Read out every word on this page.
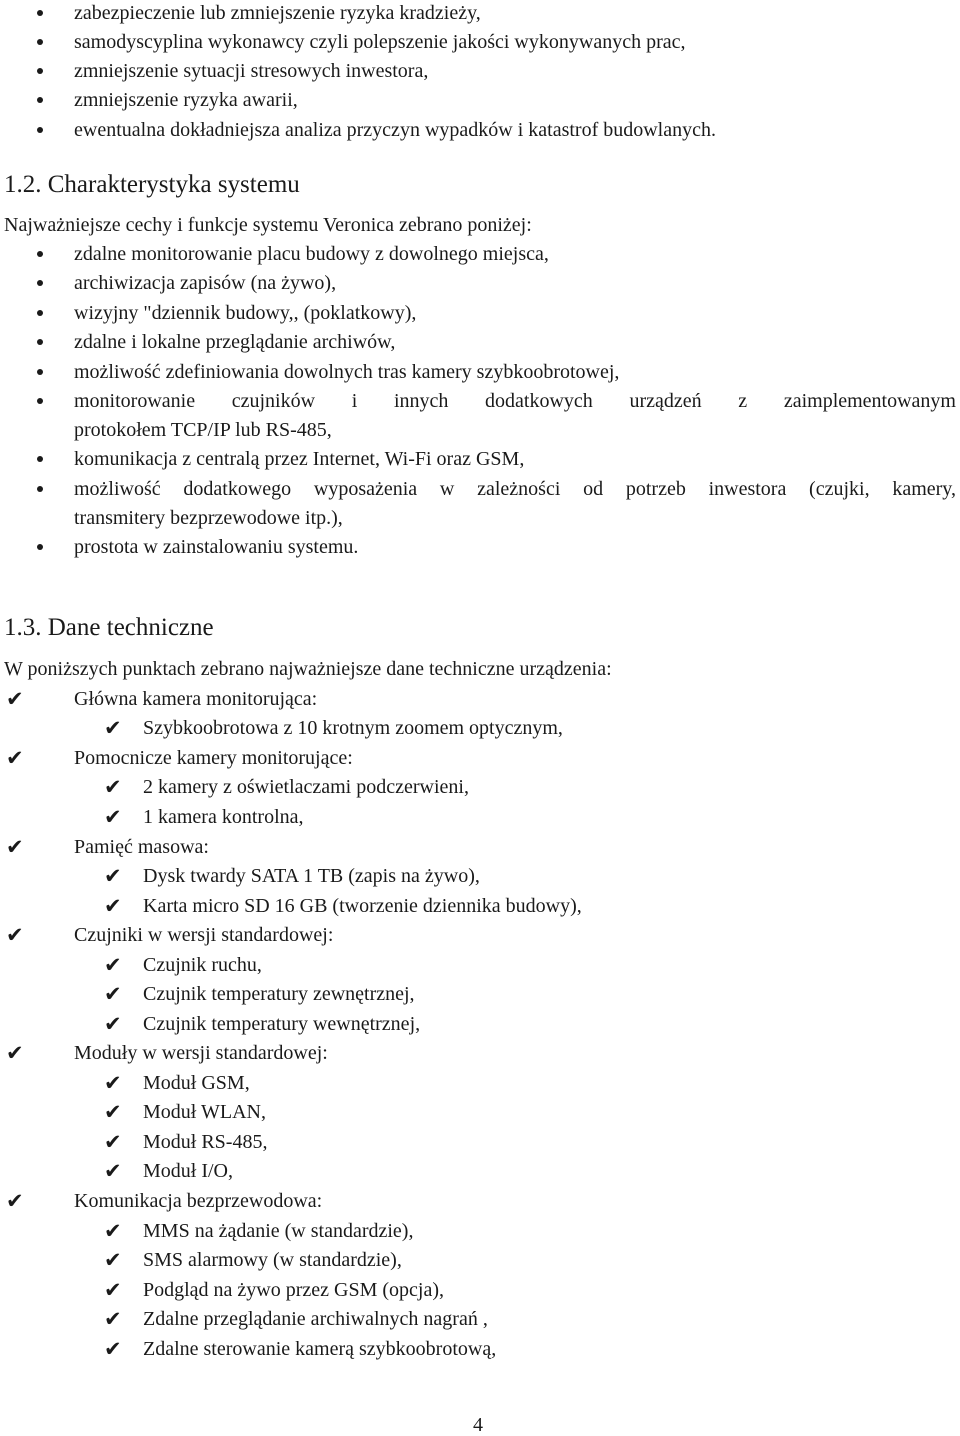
zabezpieczenie lub zmniejszenie ryzyka kradzieży,
samodyscyplina wykonawcy czyli polepszenie jakości wykonywanych prac,
zmniejszenie sytuacji stresowych inwestora,
zmniejszenie ryzyka awarii,
ewentualna dokładniejsza analiza przyczyn wypadków i katastrof budowlanych.
1.2. Charakterystyka systemu
Najważniejsze cechy i funkcje systemu Veronica zebrano poniżej:
zdalne monitorowanie placu budowy z dowolnego miejsca,
archiwizacja zapisów (na żywo),
wizyjny "dziennik budowy,, (poklatkowy),
zdalne i lokalne przeglądanie archiwów,
możliwość zdefiniowania dowolnych tras kamery szybkoobrotowej,
monitorowanie czujników i innych dodatkowych urządzeń z zaimplementowanym
protokołem TCP/IP lub RS-485,
komunikacja z centralą przez Internet, Wi-Fi oraz GSM,
możliwość dodatkowego wyposażenia w zależności od potrzeb inwestora (czujki, kamery,
transmitery bezprzewodowe itp.),
prostota w zainstalowaniu systemu.
1.3. Dane techniczne
W poniższych punktach zebrano najważniejsze dane techniczne urządzenia:
✔	Główna kamera monitorująca:
✔ Szybkoobrotowa z 10 krotnym zoomem optycznym,
✔	Pomocnicze kamery monitorujące:
✔ 2 kamery z oświetlaczami podczerwieni,
✔ 1 kamera kontrolna,
✔	Pamięć masowa:
✔ Dysk twardy SATA 1 TB (zapis na żywo),
✔ Karta micro SD 16 GB (tworzenie dziennika budowy),
✔	Czujniki w wersji standardowej:
✔ Czujnik ruchu,
✔ Czujnik temperatury zewnętrznej,
✔ Czujnik temperatury wewnętrznej,
✔	Moduły w wersji standardowej:
✔ Moduł GSM,
✔ Moduł WLAN,
✔ Moduł RS-485,
✔ Moduł I/O,
✔	Komunikacja bezprzewodowa:
✔ MMS na żądanie (w standardzie),
✔ SMS alarmowy (w standardzie),
✔ Podgląd na żywo przez GSM (opcja),
✔ Zdalne przeglądanie archiwalnych nagrań ,
✔ Zdalne sterowanie kamerą szybkoobrotową,
4
